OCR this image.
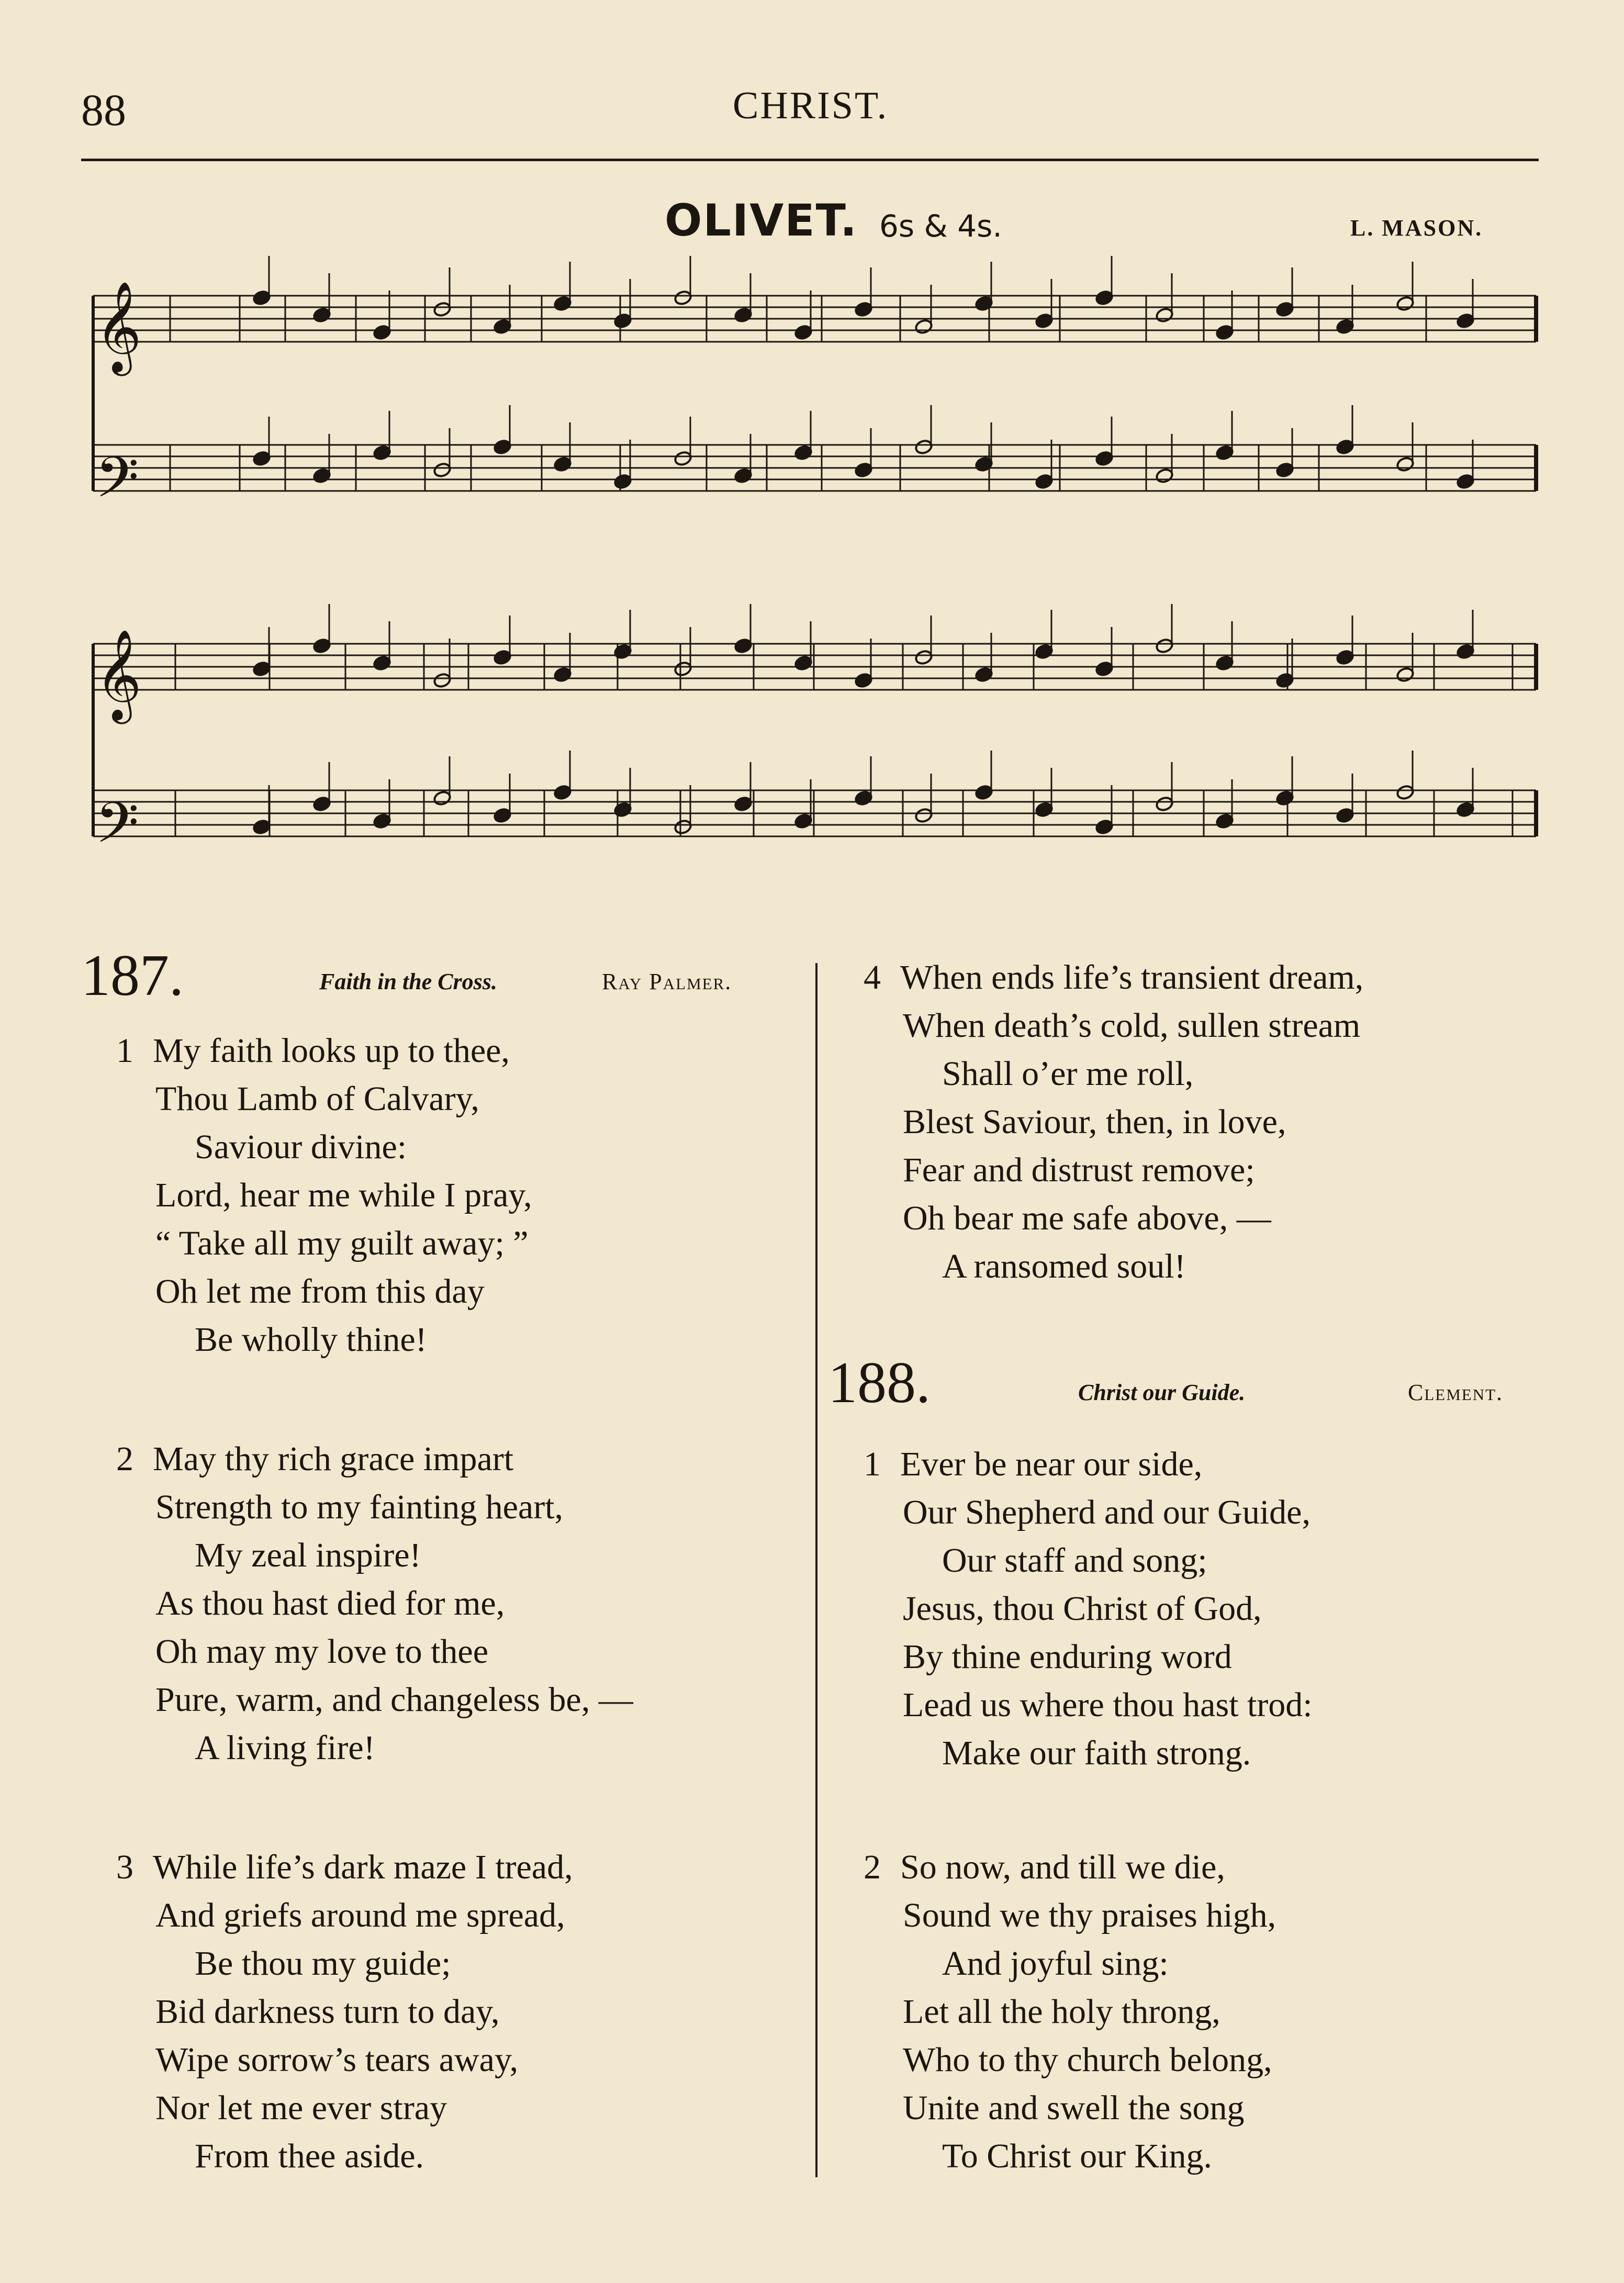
88	CHRIST.
OLIVET. 6s & 4s.	L. MASON.
𝄞
𝄢
𝄞
𝄢
187.	Faith in the Cross.	Ray Palmer.
1 My faith looks up to thee,
Thou Lamb of Calvary,
Saviour divine:
Lord, hear me while I pray,
“ Take all my guilt away; ”
Oh let me from this day
Be wholly thine!
2 May thy rich grace impart
Strength to my fainting heart,
My zeal inspire!
As thou hast died for me,
Oh may my love to thee
Pure, warm, and changeless be, —
A living fire!
3 While life’s dark maze I tread,
And griefs around me spread,
Be thou my guide;
Bid darkness turn to day,
Wipe sorrow’s tears away,
Nor let me ever stray
From thee aside.
4 When ends life’s transient dream,
When death’s cold, sullen stream
Shall o’er me roll,
Blest Saviour, then, in love,
Fear and distrust remove;
Oh bear me safe above, —
A ransomed soul!
188.	Christ our Guide.	Clement.
1 Ever be near our side,
Our Shepherd and our Guide,
Our staff and song;
Jesus, thou Christ of God,
By thine enduring word
Lead us where thou hast trod:
Make our faith strong.
2 So now, and till we die,
Sound we thy praises high,
And joyful sing:
Let all the holy throng,
Who to thy church belong,
Unite and swell the song
To Christ our King.
